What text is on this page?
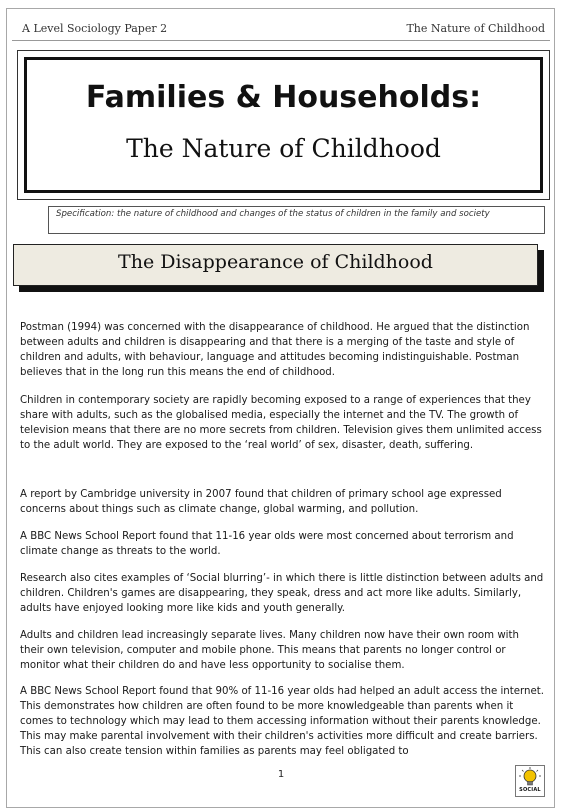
A Level Sociology Paper 2	The Nature of Childhood
Families & Households:
The Nature of Childhood
Specification: the nature of childhood and changes of the status of children in the family and society
The Disappearance of Childhood
Postman (1994) was concerned with the disappearance of childhood. He argued that the distinction between adults and children is disappearing and that there is a merging of the taste and style of children and adults, with behaviour, language and attitudes becoming indistinguishable. Postman believes that in the long run this means the end of childhood.
Children in contemporary society are rapidly becoming exposed to a range of experiences that they share with adults, such as the globalised media, especially the internet and the TV. The growth of television means that there are no more secrets from children. Television gives them unlimited access to the adult world. They are exposed to the ‘real world’ of sex, disaster, death, suffering.
A report by Cambridge university in 2007 found that children of primary school age expressed concerns about things such as climate change, global warming, and pollution.
A BBC News School Report found that 11-16 year olds were most concerned about terrorism and climate change as threats to the world.
Research also cites examples of ‘Social blurring’- in which there is little distinction between adults and children. Children's games are disappearing, they speak, dress and act more like adults. Similarly, adults have enjoyed looking more like kids and youth generally.
Adults and children lead increasingly separate lives. Many children now have their own room with their own television, computer and mobile phone. This means that parents no longer control or monitor what their children do and have less opportunity to socialise them.
A BBC News School Report found that 90% of 11-16 year olds had helped an adult access the internet. This demonstrates how children are often found to be more knowledgeable than parents when it comes to technology which may lead to them accessing information without their parents knowledge. This may make parental involvement with their children's activities more difficult and create barriers. This can also create tension within families as parents may feel obligated to
1
SOCIAL
